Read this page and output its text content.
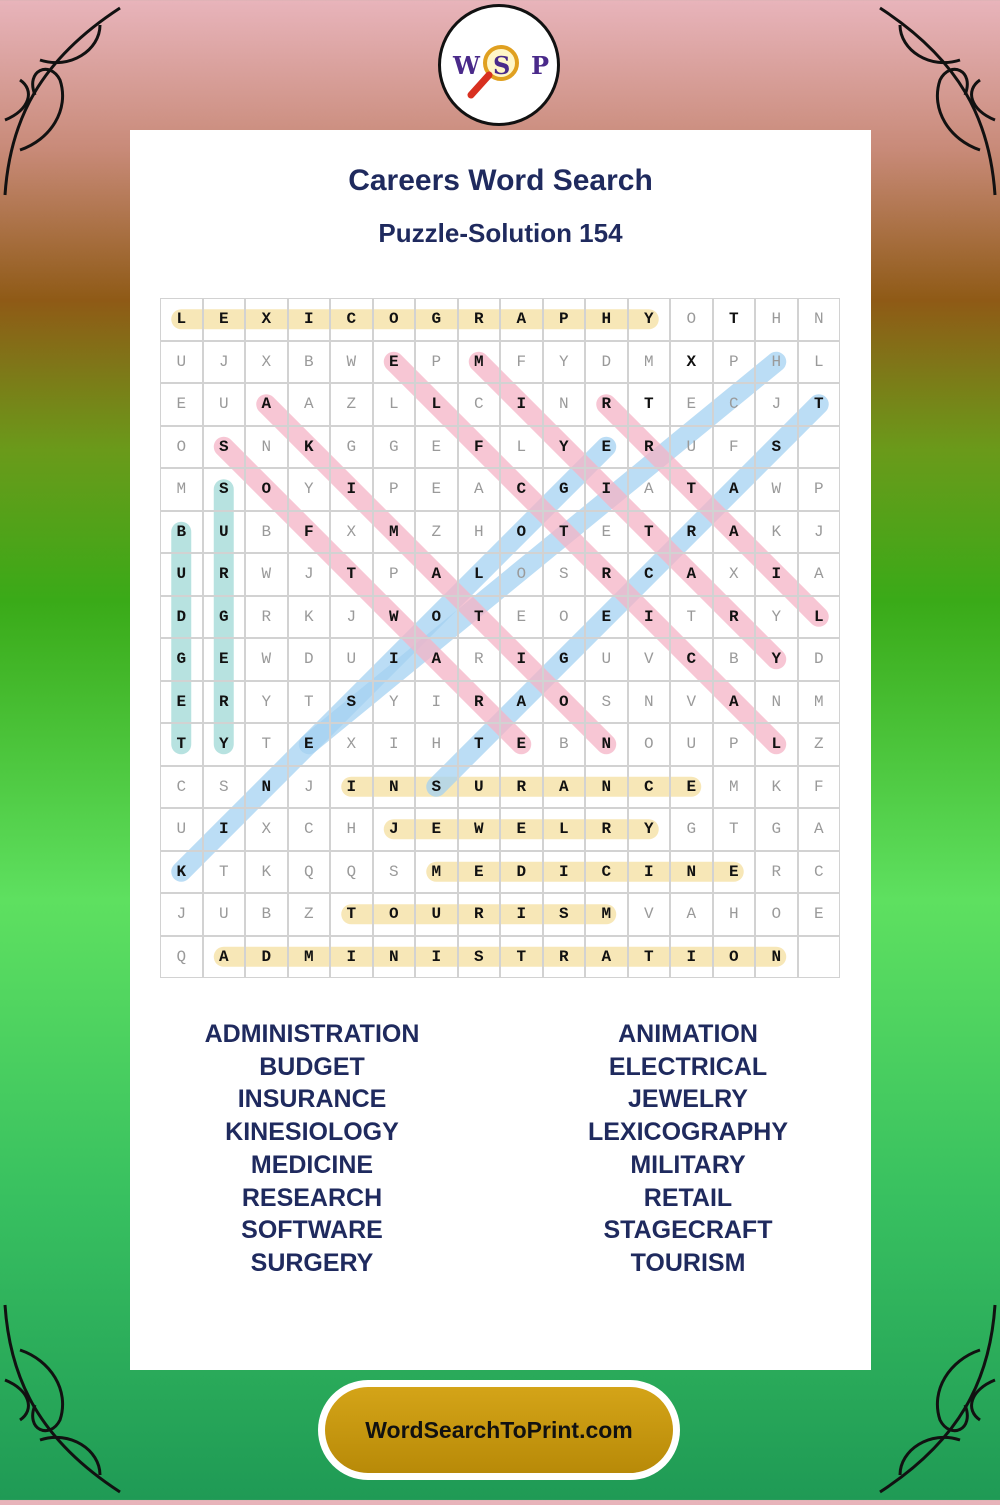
W S P
Careers Word Search
Puzzle-Solution 154
L	E	X	I	C	O	G	R	A	P	H	Y	O	T	H	N
U	J	X	B	W	E	P	M	F	Y	D	M	X	P	H	L
E	U	A	A	Z	L	L	C	I	N	R	T	E	C	J	T
O	S	N	K	G	G	E	F	L	Y	E	R	U	F	S
M	S	O	Y	I	P	E	A	C	G	I	A	T	A	W	P
B	U	B	F	X	M	Z	H	O	T	E	T	R	A	K	J
U	R	W	J	T	P	A	L	O	S	R	C	A	X	I	A
D	G	R	K	J	W	O	T	E	O	E	I	T	R	Y	L
G	E	W	D	U	I	A	R	I	G	U	V	C	B	Y	D
E	R	Y	T	S	Y	I	R	A	O	S	N	V	A	N	M
T	Y	T	E	X	I	H	T	E	B	N	O	U	P	L	Z
C	S	N	J	I	N	S	U	R	A	N	C	E	M	K	F
U	I	X	C	H	J	E	W	E	L	R	Y	G	T	G	A
K	T	K	Q	Q	S	M	E	D	I	C	I	N	E	R	C
J	U	B	Z	T	O	U	R	I	S	M	V	A	H	O	E
Q	A	D	M	I	N	I	S	T	R	A	T	I	O	N
ADMINISTRATION
BUDGET
INSURANCE
KINESIOLOGY
MEDICINE
RESEARCH
SOFTWARE
SURGERY
ANIMATION
ELECTRICAL
JEWELRY
LEXICOGRAPHY
MILITARY
RETAIL
STAGECRAFT
TOURISM
WordSearchToPrint.com
